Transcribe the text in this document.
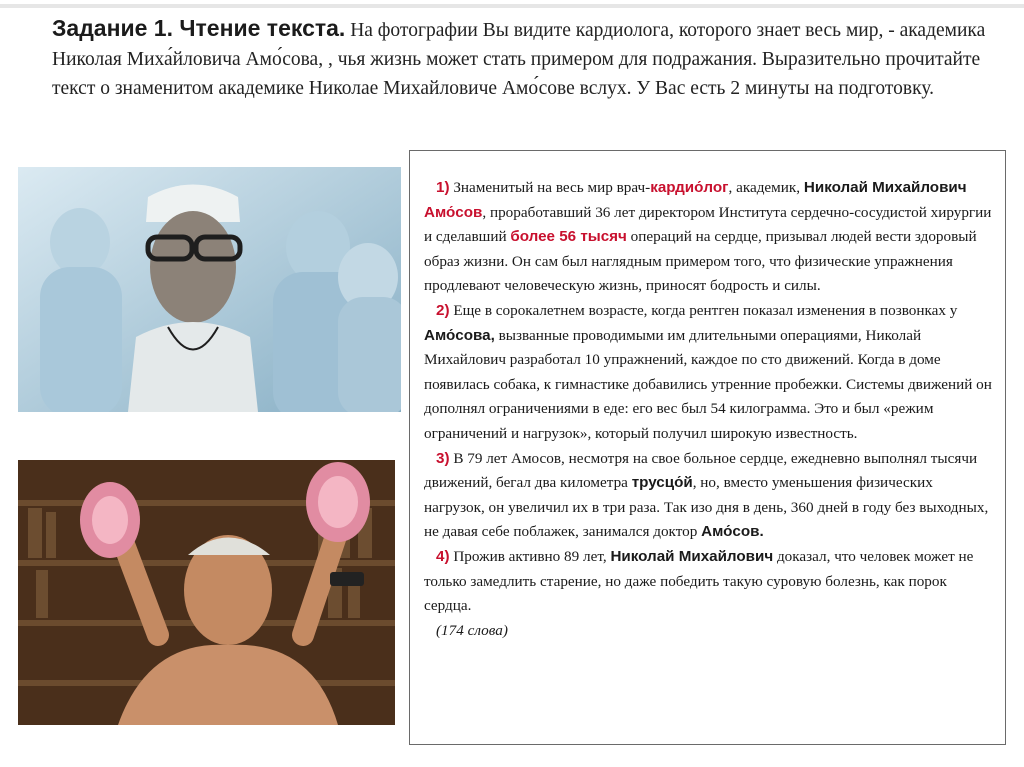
Задание 1. Чтение текста. На фотографии Вы видите кардиолога, которого знает весь мир, - академика Николая Миха́йловича Амо́сова, , чья жизнь может стать примером для подражания. Выразительно прочитайте текст о знаменитом академике Николае Михайловиче Амо́сове вслух. У Вас есть 2 минуты на подготовку.
1) Знаменитый на весь мир врач-кардио́лог, академик, Николай Михайлович Амо́сов, проработавший 36 лет директором Института сердечно-сосудистой хирургии и сделавший более 56 тысяч операций на сердце, призывал людей вести здоровый образ жизни. Он сам был наглядным примером того, что физические упражнения продлевают человеческую жизнь, приносят бодрость и силы.
2) Еще в сорокалетнем возрасте, когда рентген показал изменения в позвонках у Амо́сова, вызванные проводимыми им длительными операциями, Николай Михайлович разработал 10 упражнений, каждое по сто движений. Когда в доме появилась собака, к гимнастике добавились утренние пробежки. Системы движений он дополнял ограничениями в еде: его вес был 54 килограмма. Это и был «режим ограничений и нагрузок», который получил широкую известность.
3) В 79 лет Амосов, несмотря на свое больное сердце, ежедневно выполнял тысячи движений, бегал два километра трусцо́й, но, вместо уменьшения физических нагрузок, он увеличил их в три раза. Так изо дня в день, 360 дней в году без выходных, не давая себе поблажек, занимался доктор Амо́сов.
4) Прожив активно 89 лет, Николай Михайлович доказал, что человек может не только замедлить старение, но даже победить такую суровую болезнь, как порок сердца.
(174 слова)
